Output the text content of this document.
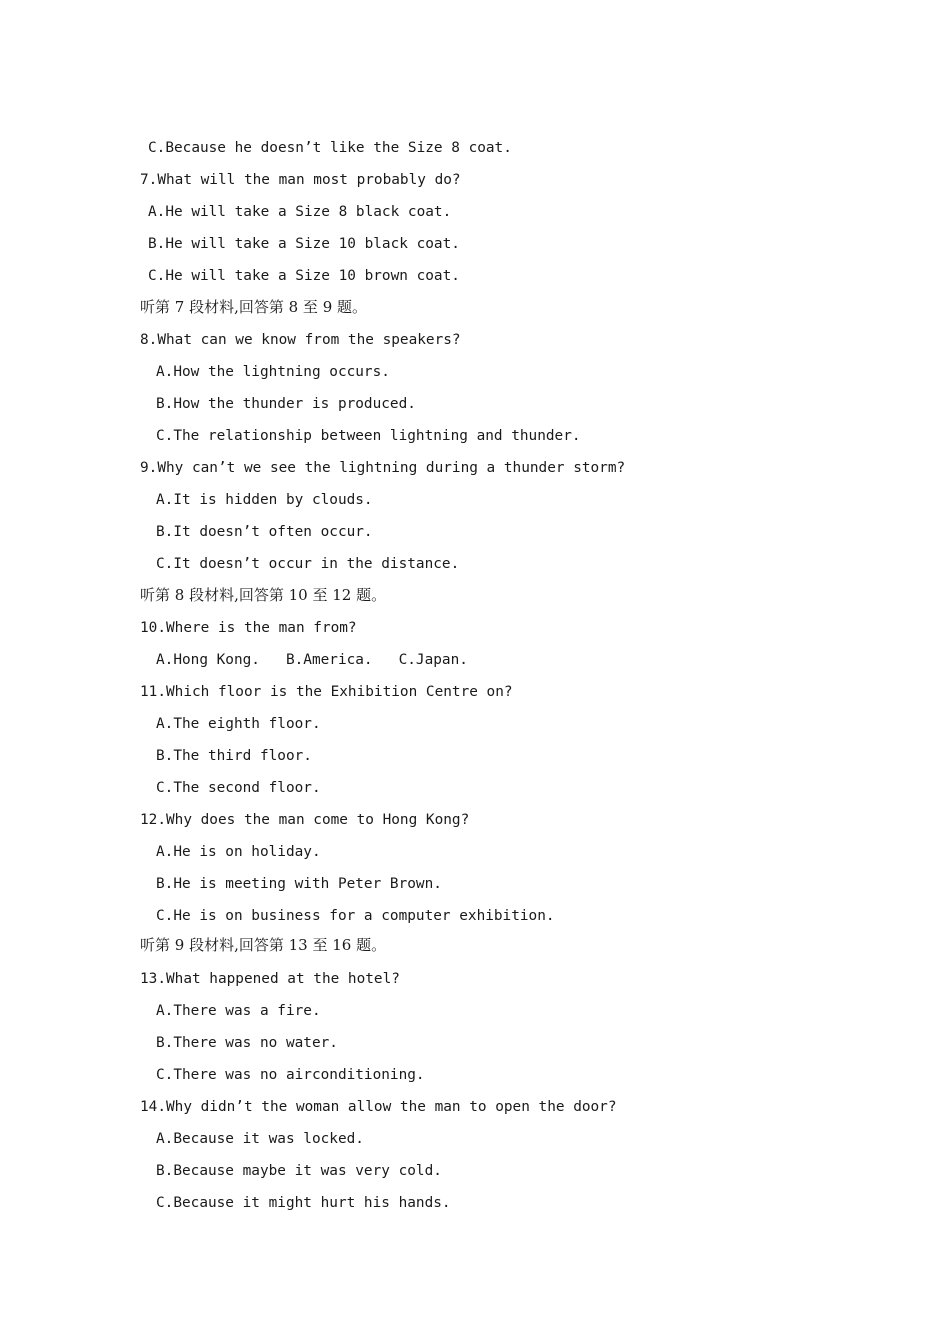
C.Because he doesn’t like the Size 8 coat.
7.What will the man most probably do?
A.He will take a Size 8 black coat.
B.He will take a Size 10 black coat.
C.He will take a Size 10 brown coat.
听第 7 段材料,回答第 8 至 9 题。
8.What can we know from the speakers?
A.How the lightning occurs.
B.How the thunder is produced.
C.The relationship between lightning and thunder.
9.Why can’t we see the lightning during a thunder storm?
A.It is hidden by clouds.
B.It doesn’t often occur.
C.It doesn’t occur in the distance.
听第 8 段材料,回答第 10 至 12 题。
10.Where is the man from?
A.Hong Kong.   B.America.   C.Japan.
11.Which floor is the Exhibition Centre on?
A.The eighth floor.
B.The third floor.
C.The second floor.
12.Why does the man come to Hong Kong?
A.He is on holiday.
B.He is meeting with Peter Brown.
C.He is on business for a computer exhibition.
听第 9 段材料,回答第 13 至 16 题。
13.What happened at the hotel?
A.There was a fire.
B.There was no water.
C.There was no airconditioning.
14.Why didn’t the woman allow the man to open the door?
A.Because it was locked.
B.Because maybe it was very cold.
C.Because it might hurt his hands.
